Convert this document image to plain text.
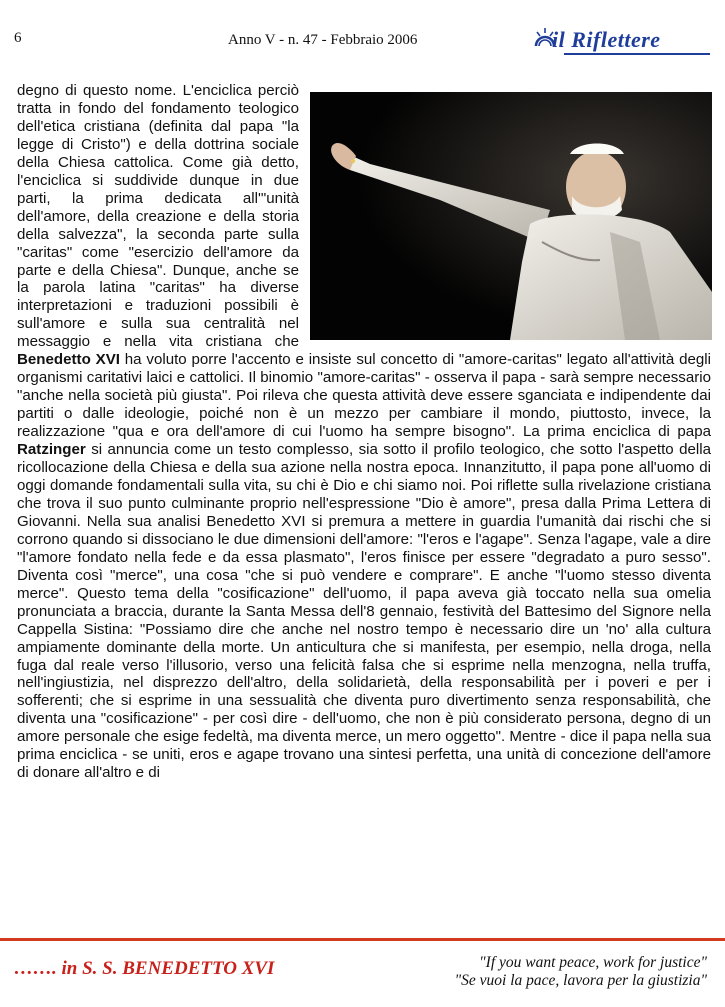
6	Anno V - n. 47 - Febbraio 2006	il Riflettere

degno di questo nome. L'enciclica perciò tratta in fondo del fondamento teologico dell'etica cristiana (definita dal papa "la legge di Cristo") e della dottrina sociale della Chiesa cattolica. Come già detto, l'enciclica si suddivide dunque in due parti, la prima dedicata all'"unità dell'amore, della creazione e della storia della salvezza", la seconda parte sulla "caritas" come "esercizio dell'amore da parte e della Chiesa". Dunque, anche se la parola latina "caritas" ha diverse interpretazioni e traduzioni possibili è sull'amore e sulla sua centralità nel messaggio e nella vita cristiana che Benedetto XVI ha voluto porre l'accento e insiste sul concetto di "amore-caritas" legato all'attività degli organismi caritativi laici e cattolici. Il binomio "amore-caritas" - osserva il papa - sarà sempre necessario "anche nella società più giusta". Poi rileva che questa attività deve essere sganciata e indipendente dai partiti o dalle ideologie, poiché non è un mezzo per cambiare il mondo, piuttosto, invece, la realizzazione "qua e ora dell'amore di cui l'uomo ha sempre bisogno". La prima enciclica di papa Ratzinger si annuncia come un testo complesso, sia sotto il profilo teologico, che sotto l'aspetto della ricollocazione della Chiesa e della sua azione nella nostra epoca. Innanzitutto, il papa pone all'uomo di oggi domande fondamentali sulla vita, su chi è Dio e chi siamo noi. Poi riflette sulla rivelazione cristiana che trova il suo punto culminante proprio nell'espressione "Dio è amore", presa dalla Prima Lettera di Giovanni. Nella sua analisi Benedetto XVI si premura a mettere in guardia l'umanità dai rischi che si corrono quando si dissociano le due dimensioni dell'amore: "l'eros e l'agape". Senza l'agape, vale a dire "l'amore fondato nella fede e da essa plasmato", l'eros finisce per essere "degradato a puro sesso". Diventa così "merce", una cosa "che si può vendere e comprare". E anche "l'uomo stesso diventa merce". Questo tema della "cosificazione" dell'uomo, il papa aveva già toccato nella sua omelia pronunciata a braccia, durante la Santa Messa dell'8 gennaio, festività del Battesimo del Signore nella Cappella Sistina: "Possiamo dire che anche nel nostro tempo è necessario dire un 'no' alla cultura ampiamente dominante della morte. Un anticultura che si manifesta, per esempio, nella droga, nella fuga dal reale verso l'illusorio, verso una felicità falsa che si esprime nella menzogna, nella truffa, nell'ingiustizia, nel disprezzo dell'altro, della solidarietà, della responsabilità per i poveri e per i sofferenti; che si esprime in una sessualità che diventa puro divertimento senza responsabilità, che diventa una "cosificazione" - per così dire - dell'uomo, che non è più considerato persona, degno di un amore personale che esige fedeltà, ma diventa merce, un mero oggetto". Mentre - dice il papa nella sua prima enciclica - se uniti, eros e agape trovano una sintesi perfetta, una unità di concezione dell'amore di donare all'altro e di

……. in S. S. BENEDETTO XVI	"If you want peace, work for justice"
"Se vuoi la pace, lavora per la giustizia"
